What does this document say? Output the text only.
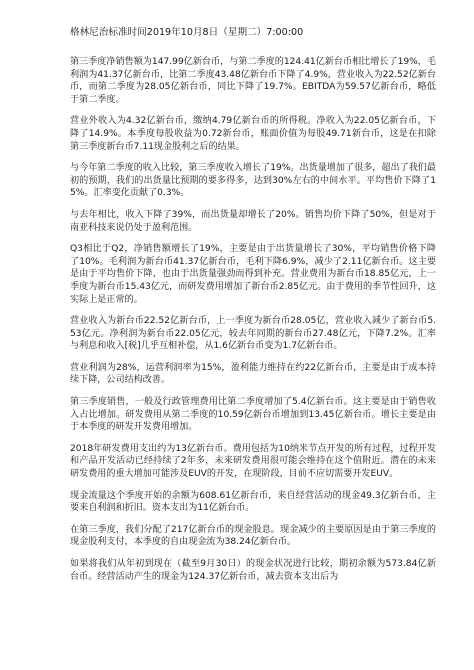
格林尼治标准时间2019年10月8日（星期二）7:00:00

第三季度净销售额为147.99亿新台币，与第二季度的124.41亿新台币相比增长了19%，毛利润为41.37亿新台币，比第二季度43.48亿新台币下降了4.9%，营业收入为22.52亿新台币，而第二季度为28.05亿新台币，同比下降了19.7%。EBITDA为59.57亿新台币，略低于第二季度。

营业外收入为4.32亿新台币，缴纳4.79亿新台币的所得税。净收入为22.05亿新台币，下降了14.9%。本季度每股收益为0.72新台币，账面价值为每股49.71新台币，这是在扣除第三季度新台币7.11现金股利之后的结果。

与今年第二季度的收入比较，第三季度收入增长了19%。出货量增加了很多，超出了我们最初的预期，我们的出货量比预期的要多得多，达到30%左右的中间水平。平均售价下降了15%。汇率变化贡献了0.3%。

与去年相比，收入下降了39%，而出货量却增长了20%。销售均价下降了50%，但是对于南亚科技来说仍处于盈利范围。

Q3相比于Q2，净销售额增长了19%，主要是由于出货量增长了30%，平均销售价格下降了10%。毛利润为新台币41.37亿新台币，毛利下降6.9%，减少了2.11亿新台币。这主要是由于平均售价下降，也由于出货量强劲而得到补充。营业费用为新台币18.85亿元，上一季度为新台币15.43亿元，而研发费用增加了新台币2.85亿元。由于费用的季节性回升，这实际上是正常的。

营业收入为新台币22.52亿新台币，上一季度为新台币28.05亿，营业收入减少了新台币5.53亿元。净利润为新台币22.05亿元，较去年同期的新台币27.48亿元，下降7.2%。汇率与利息和收入[税]几乎互相补偿，从1.6亿新台币变为1.7亿新台币。

营业利润为28%，运营利润率为15%，盈利能力维持在约22亿新台币，主要是由于成本持续下降，公司结构改善。

第三季度销售，一般及行政管理费用比第二季度增加了5.4亿新台币。这主要是由于销售收入占比增加。研发费用从第二季度的10.59亿新台币增加到13.45亿新台币。增长主要是由于本季度的研发开发费用增加。

2018年研发费用支出约为13亿新台币。费用包括为10纳米节点开发的所有过程，过程开发和产品开发活动已经持续了2年多，未来研发费用很可能会维持在这个值附近。潜在的未来研发费用的重大增加可能涉及EUV的开发，在现阶段，目前不应切需要开发EUV。

现金流量这个季度开始的余额为608.61亿新台币，来自经营活动的现金49.3亿新台币，主要来自利润和折旧。资本支出为11亿新台币。

在第三季度，我们分配了217亿新台币的现金股息。现金减少的主要原因是由于第三季度的现金股利支付，本季度的自由现金流为38.24亿新台币。

如果将我们从年初到现在（截至9月30日）的现金状况进行比较，期初余额为573.84亿新台币。经营活动产生的现金为124.37亿新台币，减去资本支出后为
